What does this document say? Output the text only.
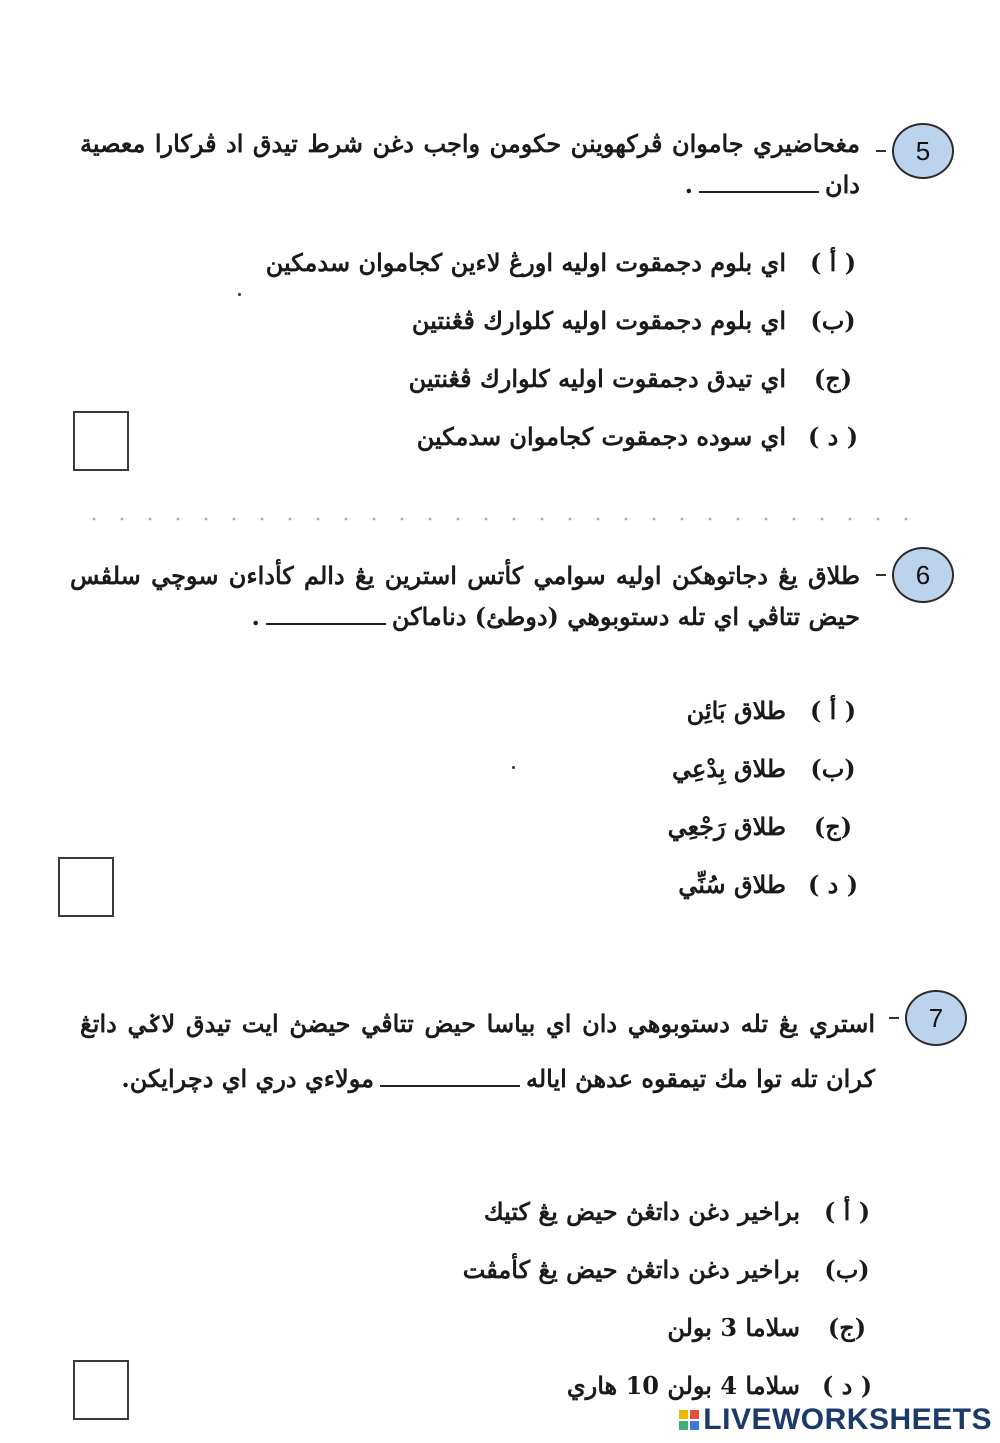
5
مغحاضيري جاموان ڤركهوينن حكومن واجب دغن شرط تيدق اد ڤركارا معصية دان.
( أ )اي بلوم دجمقوت اوليه اورڠ لاءين كجاموان سدمكين
(ب)اي بلوم دجمقوت اوليه كلوارك ڤڠنتين
(ج)اي تيدق دجمقوت اوليه كلوارك ڤڠنتين
( د )اي سوده دجمقوت كجاموان سدمكين
6
طلاق يڠ دجاتوهكن اوليه سوامي كأتس استرين يڠ دالم كأداءن سوچي سلڤس حيض تتاڤي اي تله دستوبوهي (دوطئ) دناماكن.
( أ )طلاق بَائِن
(ب)طلاق بِدْعِي
(ج)طلاق رَجْعِي
( د )طلاق سُنِّي
7
استري يڠ تله دستوبوهي دان اي بياسا حيض تتاڤي حيضڽ ايت تيدق لاݢي داتڠ كران تله توا مك تيمقوه عدهڽ ايالهمولاءي دري اي دچرايكن.
( أ )براخير دغن داتڠڽ حيض يڠ كتيك
(ب)براخير دغن داتڠڽ حيض يڠ كأمڤت
(ج)سلاما 3 بولن
( د )سلاما 4 بولن 10 هاري
LIVEWORKSHEETS
